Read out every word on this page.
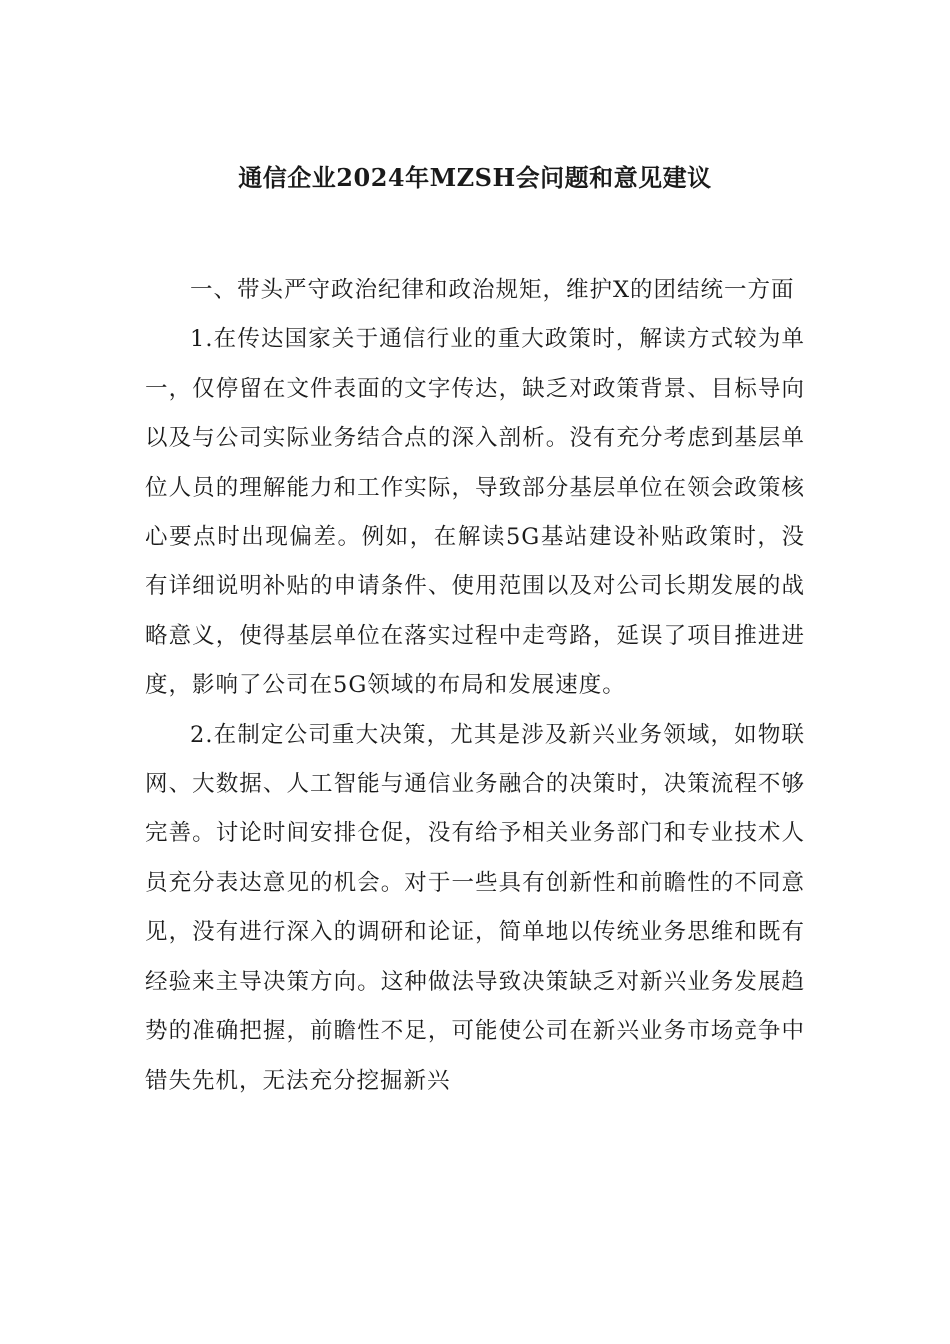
通信企业2024年MZSH会问题和意见建议

一、带头严守政治纪律和政治规矩，维护X的团结统一方面

1.在传达国家关于通信行业的重大政策时，解读方式较为单一，仅停留在文件表面的文字传达，缺乏对政策背景、目标导向以及与公司实际业务结合点的深入剖析。没有充分考虑到基层单位人员的理解能力和工作实际，导致部分基层单位在领会政策核心要点时出现偏差。例如，在解读5G基站建设补贴政策时，没有详细说明补贴的申请条件、使用范围以及对公司长期发展的战略意义，使得基层单位在落实过程中走弯路，延误了项目推进进度，影响了公司在5G领域的布局和发展速度。

2.在制定公司重大决策，尤其是涉及新兴业务领域，如物联网、大数据、人工智能与通信业务融合的决策时，决策流程不够完善。讨论时间安排仓促，没有给予相关业务部门和专业技术人员充分表达意见的机会。对于一些具有创新性和前瞻性的不同意见，没有进行深入的调研和论证，简单地以传统业务思维和既有经验来主导决策方向。这种做法导致决策缺乏对新兴业务发展趋势的准确把握，前瞻性不足，可能使公司在新兴业务市场竞争中错失先机，无法充分挖掘新兴
